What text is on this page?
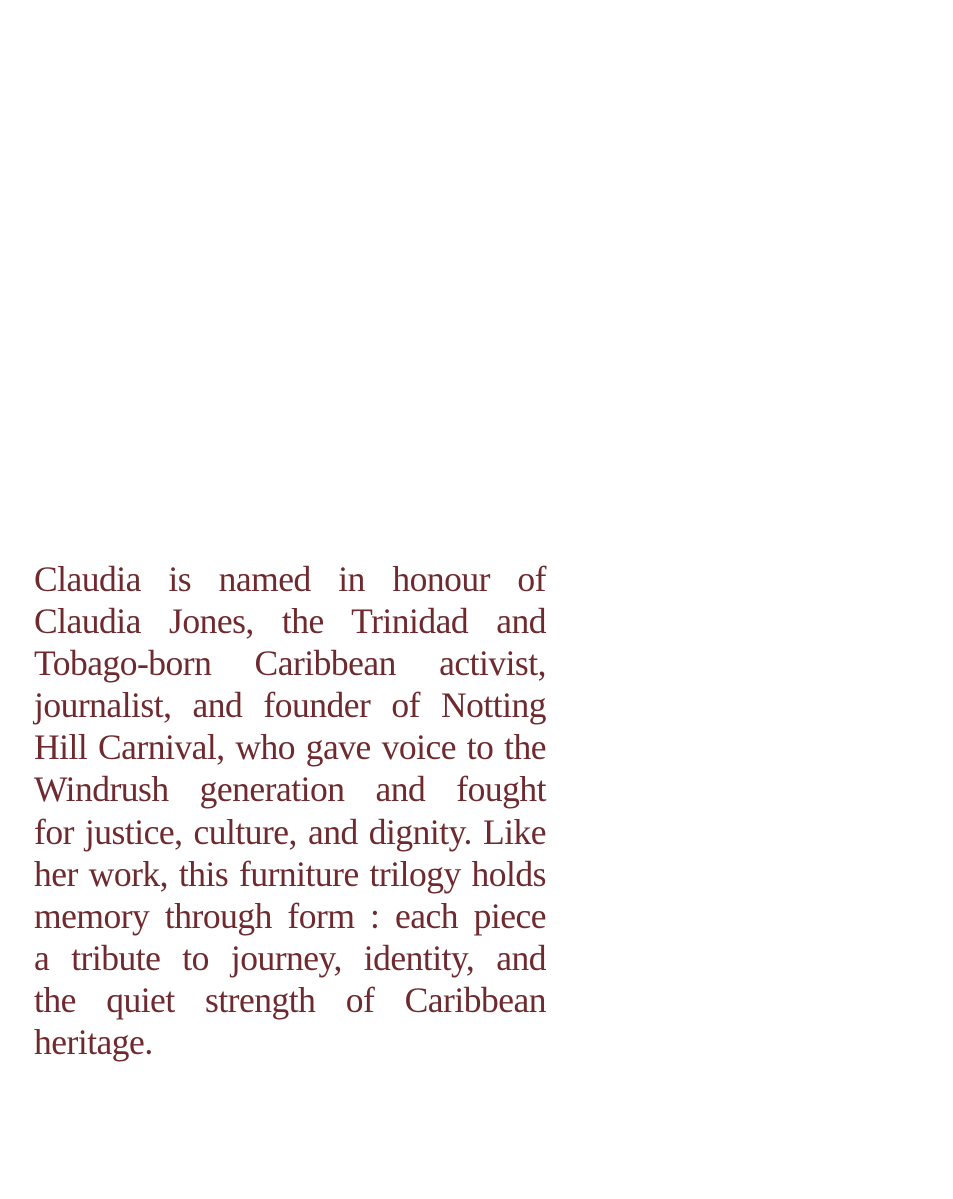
Claudia is named in honour of
Claudia Jones, the Trinidad and
Tobago-born Caribbean activist,
journalist, and founder of Notting
Hill Carnival, who gave voice to the
Windrush generation and fought
for justice, culture, and dignity. Like
her work, this furniture trilogy holds
memory through form : each piece
a tribute to journey, identity, and
the quiet strength of Caribbean
heritage.
